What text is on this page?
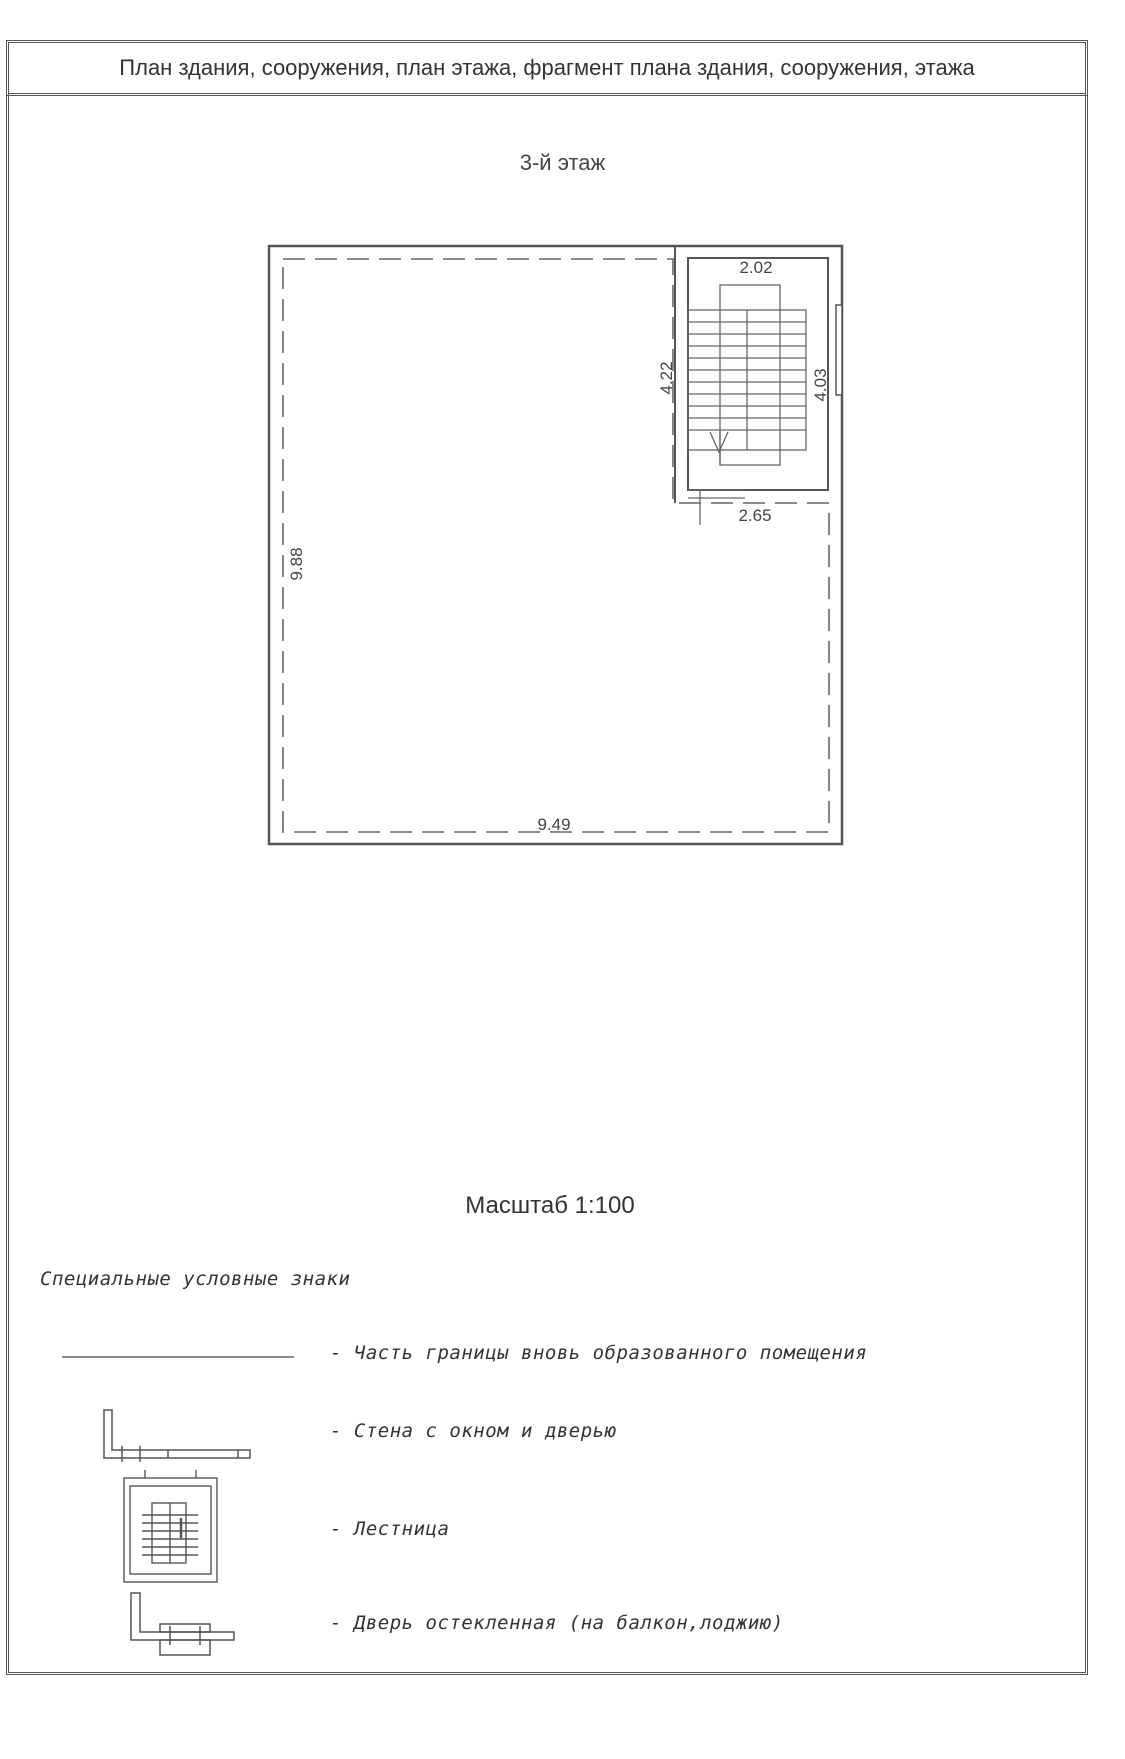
План здания, сооружения, план этажа, фрагмент плана здания, сооружения, этажа
3-й этаж
2.02
2.65
9.49
4.22	4.03
9.88
Масштаб 1:100
Специальные условные знаки
- Часть границы вновь образованного помещения
- Стена с окном и дверью
- Лестница
- Дверь остекленная (на балкон,лоджию)
